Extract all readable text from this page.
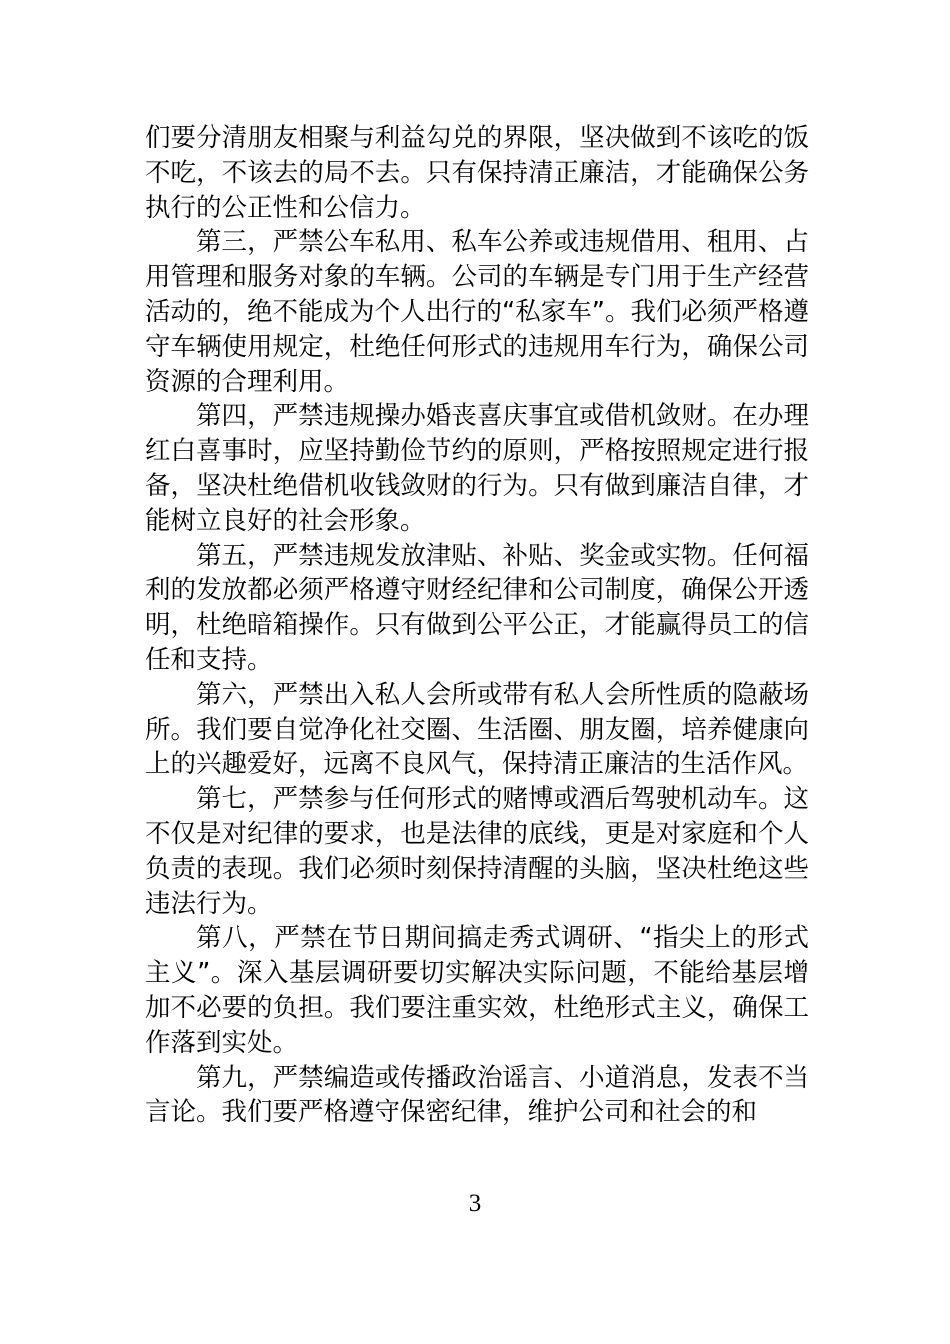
们要分清朋友相聚与利益勾兑的界限，坚决做到不该吃的饭不吃，不该去的局不去。只有保持清正廉洁，才能确保公务执行的公正性和公信力。

第三，严禁公车私用、私车公养或违规借用、租用、占用管理和服务对象的车辆。公司的车辆是专门用于生产经营活动的，绝不能成为个人出行的“私家车”。我们必须严格遵守车辆使用规定，杜绝任何形式的违规用车行为，确保公司资源的合理利用。

第四，严禁违规操办婚丧喜庆事宜或借机敛财。在办理红白喜事时，应坚持勤俭节约的原则，严格按照规定进行报备，坚决杜绝借机收钱敛财的行为。只有做到廉洁自律，才能树立良好的社会形象。

第五，严禁违规发放津贴、补贴、奖金或实物。任何福利的发放都必须严格遵守财经纪律和公司制度，确保公开透明，杜绝暗箱操作。只有做到公平公正，才能赢得员工的信任和支持。

第六，严禁出入私人会所或带有私人会所性质的隐蔽场所。我们要自觉净化社交圈、生活圈、朋友圈，培养健康向上的兴趣爱好，远离不良风气，保持清正廉洁的生活作风。

第七，严禁参与任何形式的赌博或酒后驾驶机动车。这不仅是对纪律的要求，也是法律的底线，更是对家庭和个人负责的表现。我们必须时刻保持清醒的头脑，坚决杜绝这些违法行为。

第八，严禁在节日期间搞走秀式调研、“指尖上的形式主义”。深入基层调研要切实解决实际问题，不能给基层增加不必要的负担。我们要注重实效，杜绝形式主义，确保工作落到实处。

第九，严禁编造或传播政治谣言、小道消息，发表不当言论。我们要严格遵守保密纪律，维护公司和社会的和

3
